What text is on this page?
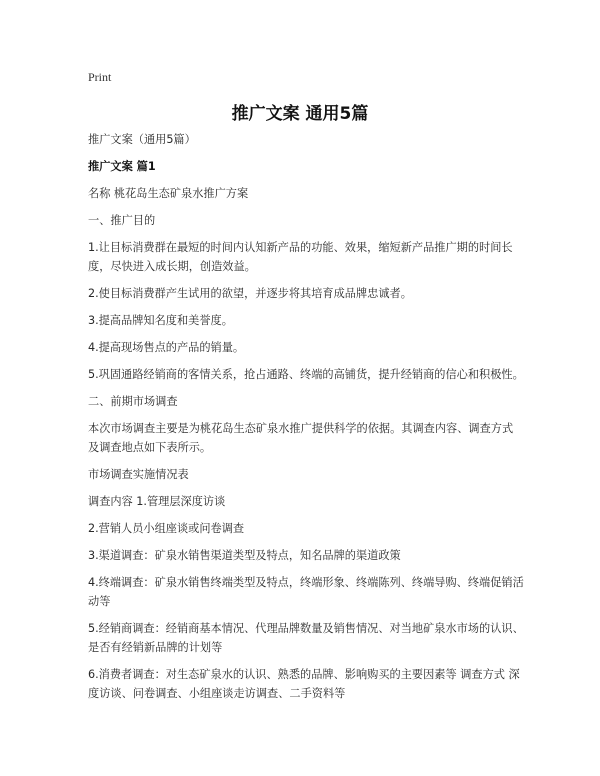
Print
推广文案 通用5篇

推广文案（通用5篇）

推广文案 篇1

名称 桃花岛生态矿泉水推广方案

一、推广目的

1.让目标消费群在最短的时间内认知新产品的功能、效果，缩短新产品推广期的时间长度，尽快进入成长期，创造效益。

2.使目标消费群产生试用的欲望，并逐步将其培育成品牌忠诚者。

3.提高品牌知名度和美誉度。

4.提高现场售点的产品的销量。

5.巩固通路经销商的客情关系，抢占通路、终端的高铺货，提升经销商的信心和积极性。

二、前期市场调查

本次市场调查主要是为桃花岛生态矿泉水推广提供科学的依据。其调查内容、调查方式及调查地点如下表所示。

市场调查实施情况表

调查内容 1.管理层深度访谈

2.营销人员小组座谈或问卷调查

3.渠道调查：矿泉水销售渠道类型及特点，知名品牌的渠道政策

4.终端调查：矿泉水销售终端类型及特点，终端形象、终端陈列、终端导购、终端促销活动等

5.经销商调查：经销商基本情况、代理品牌数量及销售情况、对当地矿泉水市场的认识、是否有经销新品牌的计划等

6.消费者调查：对生态矿泉水的认识、熟悉的品牌、影响购买的主要因素等 调查方式 深度访谈、问卷调查、小组座谈走访调查、二手资料等
